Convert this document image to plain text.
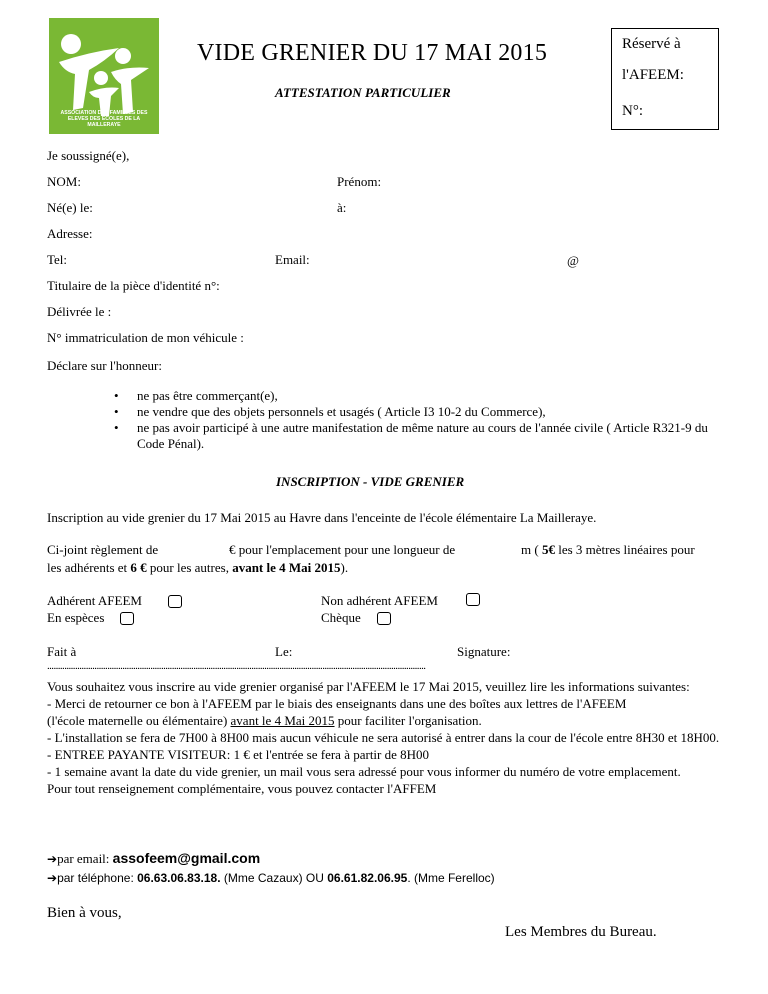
ASSOCIATION DES FAMILLES DES ELEVES DES ECOLES DE LA MAILLERAYE
VIDE GRENIER DU 17 MAI 2015
ATTESTATION PARTICULIER
Réservé à
l'AFEEM:
N°:
Je soussigné(e),
NOM:	Prénom:
Né(e) le:	à:
Adresse:
Tel:	Email:	@
Titulaire de la pièce d'identité n°:
Délivrée le :
N° immatriculation de mon véhicule :
Déclare sur l'honneur:
• ne pas être commerçant(e),
• ne vendre que des objets personnels et usagés ( Article I3 10-2 du Commerce),
• ne pas avoir participé à une autre manifestation de même nature au cours de l'année civile ( Article R321-9 du Code Pénal).
INSCRIPTION - VIDE GRENIER
Inscription au vide grenier du 17 Mai 2015 au Havre dans l'enceinte de l'école élémentaire La Mailleraye.
Ci-joint règlement de	€ pour l'emplacement pour une longueur de	m ( 5€ les 3 mètres linéaires pour
les adhérents et 6 € pour les autres, avant le 4 Mai 2015).
Adhérent AFEEM	Non adhérent AFEEM
En espèces	Chèque
Fait à	Le:	Signature:
................................................................................................................................................................................

Vous souhaitez vous inscrire au vide grenier organisé par l'AFEEM le 17 Mai 2015, veuillez lire les informations suivantes:

- Merci de retourner ce bon à l'AFEEM par le biais des enseignants dans une des boîtes aux lettres de l'AFEEM

(l'école maternelle ou élémentaire) avant le 4 Mai 2015 pour faciliter l'organisation.

- L'installation se fera de 7H00 à 8H00 mais aucun véhicule ne sera autorisé à entrer dans la cour de l'école entre 8H30 et 18H00.

- ENTREE PAYANTE VISITEUR: 1 € et l'entrée se fera à partir de 8H00

- 1 semaine avant la date du vide grenier, un mail vous sera adressé pour vous informer du numéro de votre emplacement.

Pour tout renseignement complémentaire, vous pouvez contacter l'AFFEM

➔par email: assofeem@gmail.com
➔par téléphone: 06.63.06.83.18. (Mme Cazaux) OU 06.61.82.06.95. (Mme Ferelloc)
Bien à vous,
Les Membres du Bureau.
